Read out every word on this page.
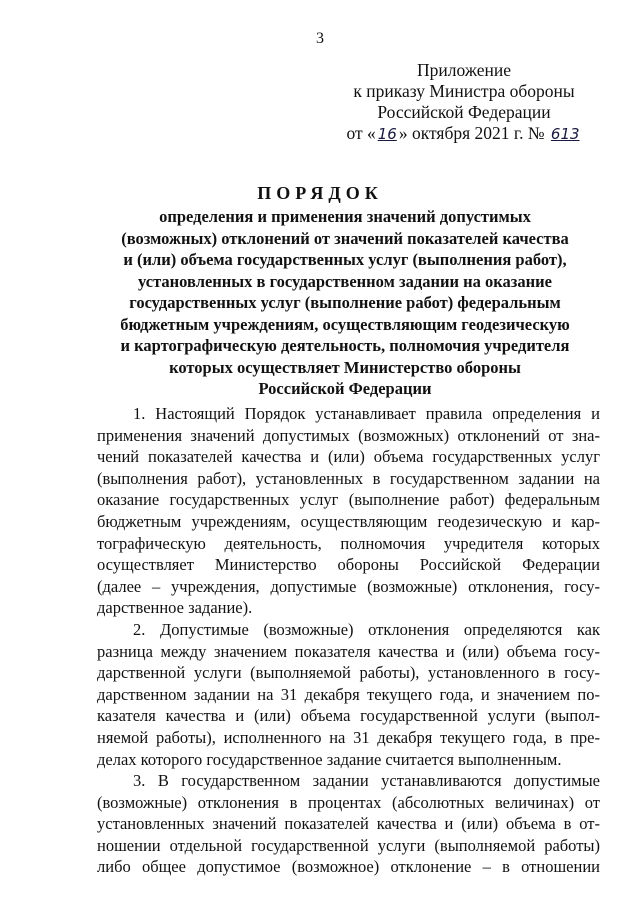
3
Приложение
к приказу Министра обороны
Российской Федерации
от « 16 » октября 2021 г. № 613
ПОРЯДОК
определения и применения значений допустимых
(возможных) отклонений от значений показателей качества
и (или) объема государственных услуг (выполнения работ),
установленных в государственном задании на оказание
государственных услуг (выполнение работ) федеральным
бюджетным учреждениям, осуществляющим геодезическую
и картографическую деятельность, полномочия учредителя
которых осуществляет Министерство обороны
Российской Федерации
1. Настоящий Порядок устанавливает правила определения и
применения значений допустимых (возможных) отклонений от зна-
чений показателей качества и (или) объема государственных услуг
(выполнения работ), установленных в государственном задании на
оказание государственных услуг (выполнение работ) федеральным
бюджетным учреждениям, осуществляющим геодезическую и кар-
тографическую деятельность, полномочия учредителя которых
осуществляет Министерство обороны Российской Федерации
(далее – учреждения, допустимые (возможные) отклонения, госу-
дарственное задание).
2. Допустимые (возможные) отклонения определяются как
разница между значением показателя качества и (или) объема госу-
дарственной услуги (выполняемой работы), установленного в госу-
дарственном задании на 31 декабря текущего года, и значением по-
казателя качества и (или) объема государственной услуги (выпол-
няемой работы), исполненного на 31 декабря текущего года, в пре-
делах которого государственное задание считается выполненным.
3. В государственном задании устанавливаются допустимые
(возможные) отклонения в процентах (абсолютных величинах) от
установленных значений показателей качества и (или) объема в от-
ношении отдельной государственной услуги (выполняемой работы)
либо общее допустимое (возможное) отклонение – в отношении
